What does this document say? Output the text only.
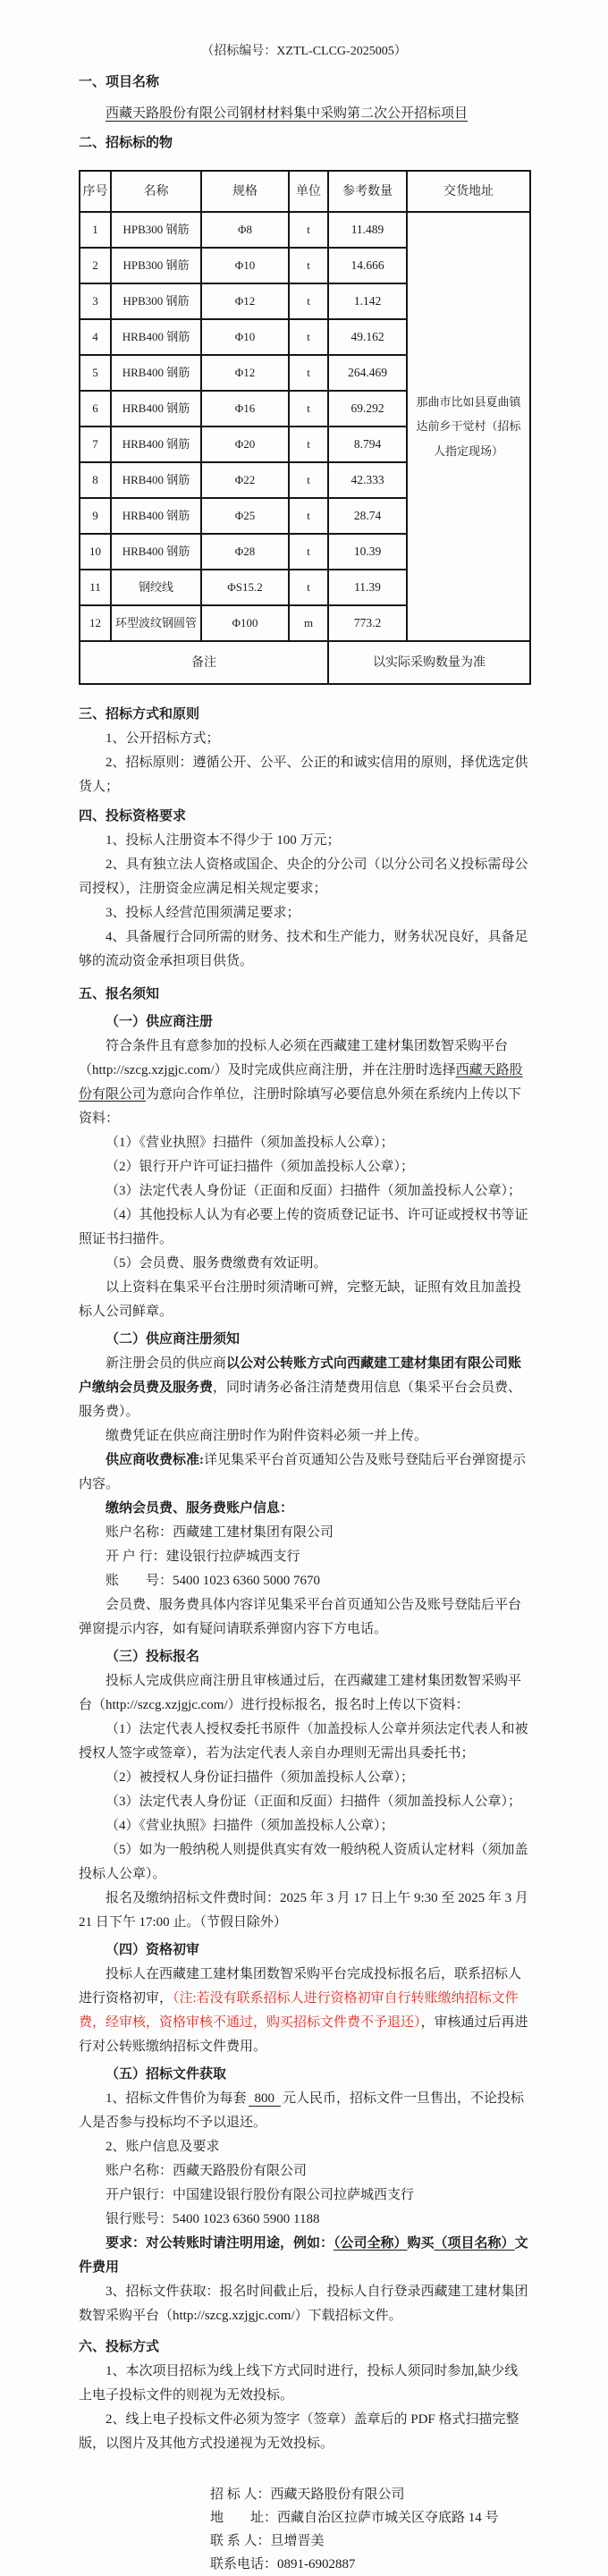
（招标编号：XZTL-CLCG-2025005）

一、项目名称

西藏天路股份有限公司钢材材料集中采购第二次公开招标项目

二、招标标的物

序号	名称	规格	单位	参考数量	交货地址
1	HPB300 钢筋	Φ8	t	11.489	那曲市比如县夏曲镇达前乡干觉村（招标人指定现场）
2	HPB300 钢筋	Φ10	t	14.666	
3	HPB300 钢筋	Φ12	t	1.142	
4	HRB400 钢筋	Φ10	t	49.162	
5	HRB400 钢筋	Φ12	t	264.469	
6	HRB400 钢筋	Φ16	t	69.292	
7	HRB400 钢筋	Φ20	t	8.794	
8	HRB400 钢筋	Φ22	t	42.333	
9	HRB400 钢筋	Φ25	t	28.74	
10	HRB400 钢筋	Φ28	t	10.39	
11	钢绞线	ΦS15.2	t	11.39	
12	环型波纹钢圆管	Φ100	m	773.2	
备注				以实际采购数量为准	

三、招标方式和原则

1、公开招标方式；

2、招标原则：遵循公开、公平、公正的和诚实信用的原则，择优选定供货人；

四、投标资格要求

1、投标人注册资本不得少于 100 万元；

2、具有独立法人资格或国企、央企的分公司（以分公司名义投标需母公司授权），注册资金应满足相关规定要求；

3、投标人经营范围须满足要求；

4、具备履行合同所需的财务、技术和生产能力，财务状况良好，具备足够的流动资金承担项目供货。

五、报名须知

（一）供应商注册

符合条件且有意参加的投标人必须在西藏建工建材集团数智采购平台（http://szcg.xzjgjc.com/）及时完成供应商注册，并在注册时选择西藏天路股份有限公司为意向合作单位，注册时除填写必要信息外须在系统内上传以下资料：

（1）《营业执照》扫描件（须加盖投标人公章）；

（2）银行开户许可证扫描件（须加盖投标人公章）；

（3）法定代表人身份证（正面和反面）扫描件（须加盖投标人公章）；

（4）其他投标人认为有必要上传的资质登记证书、许可证或授权书等证照证书扫描件。

（5）会员费、服务费缴费有效证明。

以上资料在集采平台注册时须清晰可辨，完整无缺，证照有效且加盖投标人公司鲜章。

（二）供应商注册须知

新注册会员的供应商以公对公转账方式向西藏建工建材集团有限公司账户缴纳会员费及服务费，同时请务必备注清楚费用信息（集采平台会员费、服务费）。

缴费凭证在供应商注册时作为附件资料必须一并上传。

供应商收费标准:详见集采平台首页通知公告及账号登陆后平台弹窗提示内容。

缴纳会员费、服务费账户信息：

账户名称：西藏建工建材集团有限公司

开 户 行：建设银行拉萨城西支行

账　　号：5400 1023 6360 5000 7670

会员费、服务费具体内容详见集采平台首页通知公告及账号登陆后平台弹窗提示内容，如有疑问请联系弹窗内容下方电话。

（三）投标报名

投标人完成供应商注册且审核通过后，在西藏建工建材集团数智采购平台（http://szcg.xzjgjc.com/）进行投标报名，报名时上传以下资料：

（1）法定代表人授权委托书原件（加盖投标人公章并须法定代表人和被授权人签字或签章），若为法定代表人亲自办理则无需出具委托书；

（2）被授权人身份证扫描件（须加盖投标人公章）；

（3）法定代表人身份证（正面和反面）扫描件（须加盖投标人公章）；

（4）《营业执照》扫描件（须加盖投标人公章）；

（5）如为一般纳税人则提供真实有效一般纳税人资质认定材料（须加盖投标人公章）。

报名及缴纳招标文件费时间：2025 年 3 月 17 日上午 9:30 至 2025 年 3 月 21 日下午 17:00 止。（节假日除外）

（四）资格初审

投标人在西藏建工建材集团数智采购平台完成投标报名后，联系招标人进行资格初审，（注:若没有联系招标人进行资格初审自行转账缴纳招标文件费，经审核，资格审核不通过，购买招标文件费不予退还），审核通过后再进行对公转账缴纳招标文件费用。

（五）招标文件获取

1、招标文件售价为每套 800 元人民币，招标文件一旦售出，不论投标人是否参与投标均不予以退还。

2、账户信息及要求

账户名称：西藏天路股份有限公司

开户银行：中国建设银行股份有限公司拉萨城西支行

银行账号：5400 1023 6360 5900 1188

要求：对公转账时请注明用途，例如：（公司全称）购买（项目名称）文件费用

3、招标文件获取：报名时间截止后，投标人自行登录西藏建工建材集团数智采购平台（http://szcg.xzjgjc.com/）下载招标文件。

六、投标方式

1、本次项目招标为线上线下方式同时进行，投标人须同时参加,缺少线上电子投标文件的则视为无效投标。

2、线上电子投标文件必须为签字（签章）盖章后的 PDF 格式扫描完整版，以图片及其他方式投递视为无效投标。

招 标 人：西藏天路股份有限公司

地　　址：西藏自治区拉萨市城关区夺底路 14 号

联 系 人：旦增晋美

联系电话：0891-6902887
